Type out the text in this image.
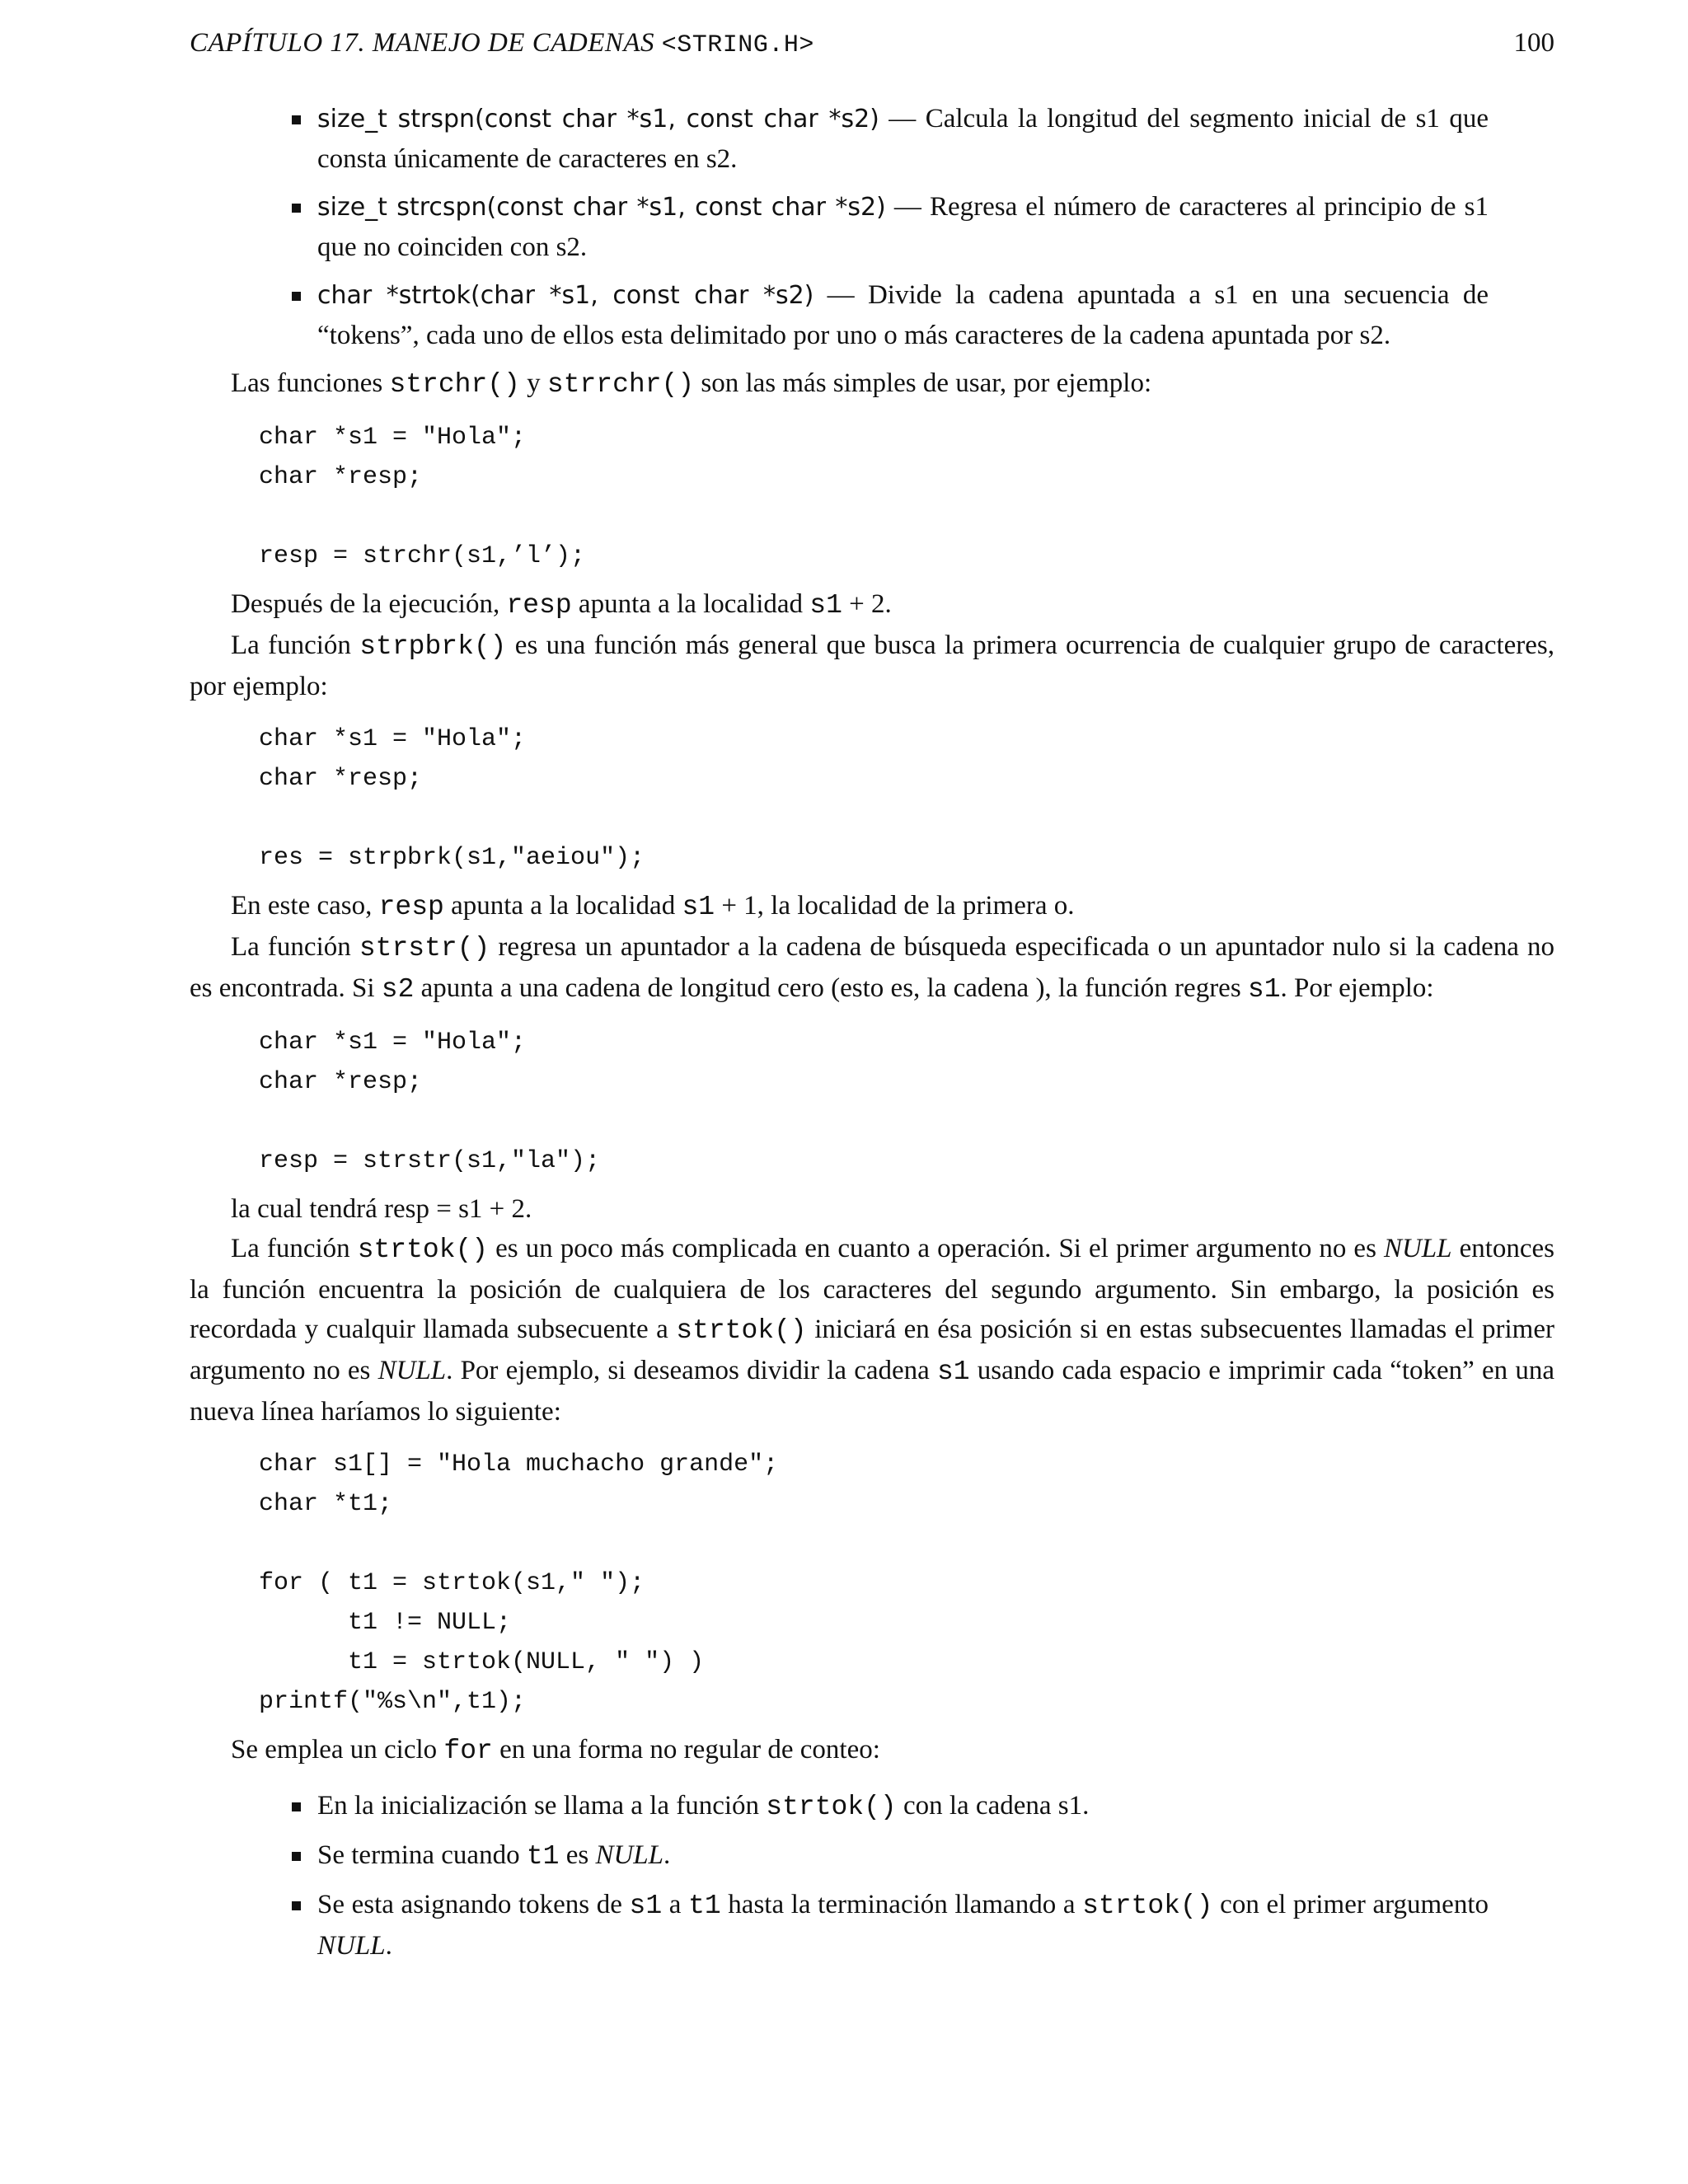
CAPÍTULO 17. MANEJO DE CADENAS <STRING.H>	100
size_t strspn(const char *s1, const char *s2) — Calcula la longitud del segmento inicial de s1 que consta únicamente de caracteres en s2.
size_t strcspn(const char *s1, const char *s2) — Regresa el número de caracteres al principio de s1 que no coinciden con s2.
char *strtok(char *s1, const char *s2) — Divide la cadena apuntada a s1 en una secuencia de “tokens”, cada uno de ellos esta delimitado por uno o más caracteres de la cadena apuntada por s2.

Las funciones strchr() y strrchr() son las más simples de usar, por ejemplo:

char *s1 = "Hola";
char *resp;

resp = strchr(s1,’l’);

Después de la ejecución, resp apunta a la localidad s1 + 2.

La función strpbrk() es una función más general que busca la primera ocurrencia de cualquier grupo de caracteres, por ejemplo:

char *s1 = "Hola";
char *resp;

res = strpbrk(s1,"aeiou");

En este caso, resp apunta a la localidad s1 + 1, la localidad de la primera o.

La función strstr() regresa un apuntador a la cadena de búsqueda especificada o un apuntador nulo si la cadena no es encontrada. Si s2 apunta a una cadena de longitud cero (esto es, la cadena ), la función regres s1. Por ejemplo:

char *s1 = "Hola";
char *resp;

resp = strstr(s1,"la");

la cual tendrá resp = s1 + 2.

La función strtok() es un poco más complicada en cuanto a operación. Si el primer argumento no es NULL entonces la función encuentra la posición de cualquiera de los caracteres del segundo argumento. Sin embargo, la posición es recordada y cualquir llamada subsecuente a strtok() iniciará en ésa posición si en estas subsecuentes llamadas el primer argumento no es NULL. Por ejemplo, si deseamos dividir la cadena s1 usando cada espacio e imprimir cada “token” en una nueva línea haríamos lo siguiente:

char s1[] = "Hola muchacho grande";
char *t1;

for ( t1 = strtok(s1," ");
t1 != NULL;
t1 = strtok(NULL, " ") )
printf("%s\n",t1);

Se emplea un ciclo for en una forma no regular de conteo:

En la inicialización se llama a la función strtok() con la cadena s1.
Se termina cuando t1 es NULL.
Se esta asignando tokens de s1 a t1 hasta la terminación llamando a strtok() con el primer argumento NULL.
